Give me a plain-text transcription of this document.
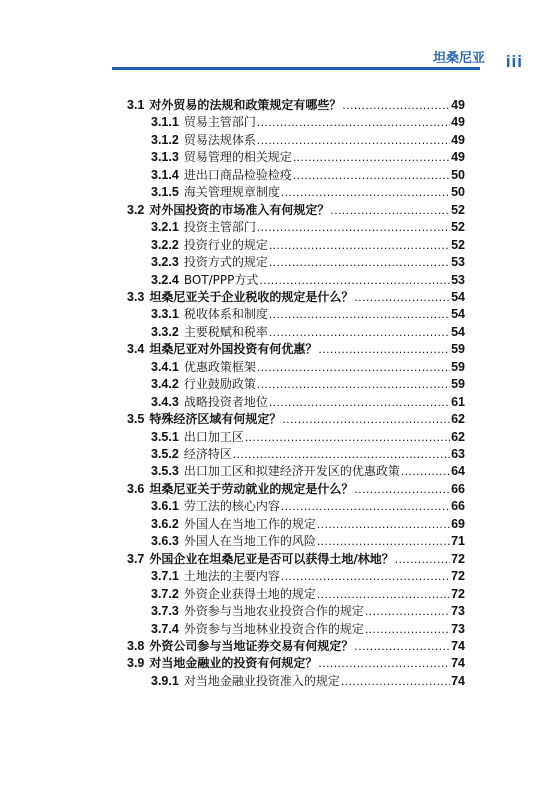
坦桑尼亚 iii
3.1 对外贸易的法规和政策规定有哪些？ .....	49
3.1.1 贸易主管部门 .....	49
3.1.2 贸易法规体系 .....	49
3.1.3 贸易管理的相关规定 .....	49
3.1.4 进出口商品检验检疫 .....	50
3.1.5 海关管理规章制度 .....	50
3.2 对外国投资的市场准入有何规定？ .....	52
3.2.1 投资主管部门 .....	52
3.2.2 投资行业的规定 .....	52
3.2.3 投资方式的规定 .....	53
3.2.4 BOT/PPP方式 .....	53
3.3 坦桑尼亚关于企业税收的规定是什么？ .....	54
3.3.1 税收体系和制度 .....	54
3.3.2 主要税赋和税率 .....	54
3.4 坦桑尼亚对外国投资有何优惠？ .....	59
3.4.1 优惠政策框架 .....	59
3.4.2 行业鼓励政策 .....	59
3.4.3 战略投资者地位 .....	61
3.5 特殊经济区域有何规定？ .....	62
3.5.1 出口加工区 .....	62
3.5.2 经济特区 .....	63
3.5.3 出口加工区和拟建经济开发区的优惠政策 .....	64
3.6 坦桑尼亚关于劳动就业的规定是什么？ .....	66
3.6.1 劳工法的核心内容 .....	66
3.6.2 外国人在当地工作的规定 .....	69
3.6.3 外国人在当地工作的风险 .....	71
3.7 外国企业在坦桑尼亚是否可以获得土地/林地？ .....	72
3.7.1 土地法的主要内容 .....	72
3.7.2 外资企业获得土地的规定 .....	72
3.7.3 外资参与当地农业投资合作的规定 .....	73
3.7.4 外资参与当地林业投资合作的规定 .....	73
3.8 外资公司参与当地证券交易有何规定？ .....	74
3.9 对当地金融业的投资有何规定？ .....	74
3.9.1 对当地金融业投资准入的规定 .....	74
